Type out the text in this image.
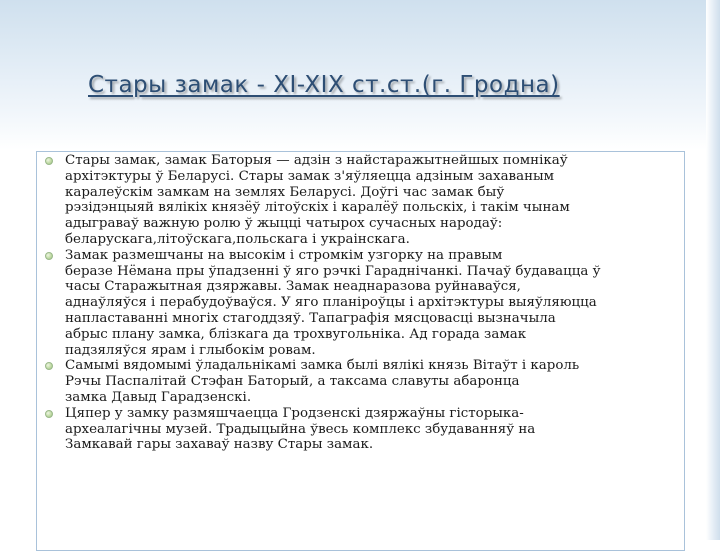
Стары замак - XI-XIX ст.ст.(г. Гродна)
Стары замак, замак Баторыя — адзін з найстаражытнейшых помнікаў
архітэктуры ў Беларусі. Стары замак з'яўляецца адзіным захаваным
каралеўскім замкам на землях Беларусі. Доўгі час замак быў
рэзідэнцыяй вялікіх князёў літоўскіх і каралёў польскіх, і такім чынам
адыграваў важную ролю ў жыцці чатырох сучасных народаў:
беларускага,літоўскага,польскага і украінскага.
Замак размешчаны на высокім і стромкім узгорку на правым
беразе Нёмана пры ўпадзенні ў яго рэчкі Гараднічанкі. Пачаў будавацца ў
часы Старажытная дзяржавы. Замак неаднаразова руйнаваўся,
аднаўляўся і перабудоўваўся. У яго планіроўцы і архітэктуры выяўляюцца
напластаванні многіх стагоддзяў. Тапаграфія мясцовасці вызначыла
абрыс плану замка, блізкага да трохвугольніка. Ад горада замак
падзяляўся ярам і глыбокім ровам.
Самымі вядомымі ўладальнікамі замка былі вялікі князь Вітаўт і кароль
Рэчы Паспалітай Стэфан Баторый, а таксама славуты абаронца
замка Давыд Гарадзенскі.
Цяпер у замку размяшчаецца Гродзенскі дзяржаўны гісторыка-
археалагічны музей. Традыцыйна ўвесь комплекс збудаванняў на
Замкавай гары захаваў назву Стары замак.
